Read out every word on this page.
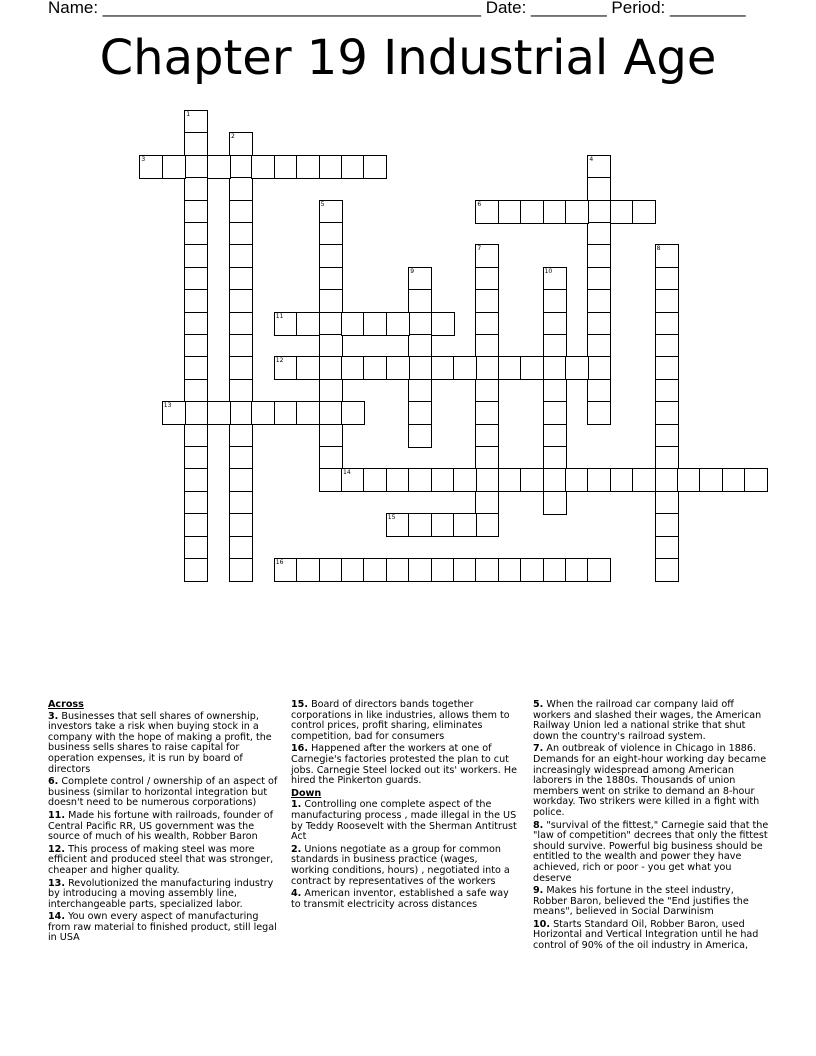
Name: ________________________________________ Date: ________ Period: ________
Chapter 19 Industrial Age
1
2
3	4
5	6
7	8
9	10
11
12
13
14
15
16
Across
3. Businesses that sell shares of ownership, investors take a risk when buying stock in a company with the hope of making a profit, the business sells shares to raise capital for operation expenses, it is run by board of directors
6. Complete control / ownership of an aspect of business (similar to horizontal integration but doesn't need to be numerous corporations)
11. Made his fortune with railroads, founder of Central Pacific RR, US government was the source of much of his wealth, Robber Baron
12. This process of making steel was more efficient and produced steel that was stronger, cheaper and higher quality.
13. Revolutionized the manufacturing industry by introducing a moving assembly line, interchangeable parts, specialized labor.
14. You own every aspect of manufacturing from raw material to finished product, still legal in USA
15. Board of directors bands together corporations in like industries, allows them to control prices, profit sharing, eliminates competition, bad for consumers
16. Happened after the workers at one of Carnegie's factories protested the plan to cut jobs. Carnegie Steel locked out its' workers. He hired the Pinkerton guards.
Down
1. Controlling one complete aspect of the manufacturing process , made illegal in the US by Teddy Roosevelt with the Sherman Antitrust Act
2. Unions negotiate as a group for common standards in business practice (wages, working conditions, hours) , negotiated into a contract by representatives of the workers
4. American inventor, established a safe way to transmit electricity across distances
5. When the railroad car company laid off workers and slashed their wages, the American Railway Union led a national strike that shut down the country's railroad system.
7. An outbreak of violence in Chicago in 1886. Demands for an eight-hour working day became increasingly widespread among American laborers in the 1880s. Thousands of union members went on strike to demand an 8-hour workday. Two strikers were killed in a fight with police.
8. "survival of the fittest," Carnegie said that the "law of competition" decrees that only the fittest should survive. Powerful big business should be entitled to the wealth and power they have achieved, rich or poor - you get what you deserve
9. Makes his fortune in the steel industry, Robber Baron, believed the "End justifies the means", believed in Social Darwinism
10. Starts Standard Oil, Robber Baron, used Horizontal and Vertical Integration until he had control of 90% of the oil industry in America,
